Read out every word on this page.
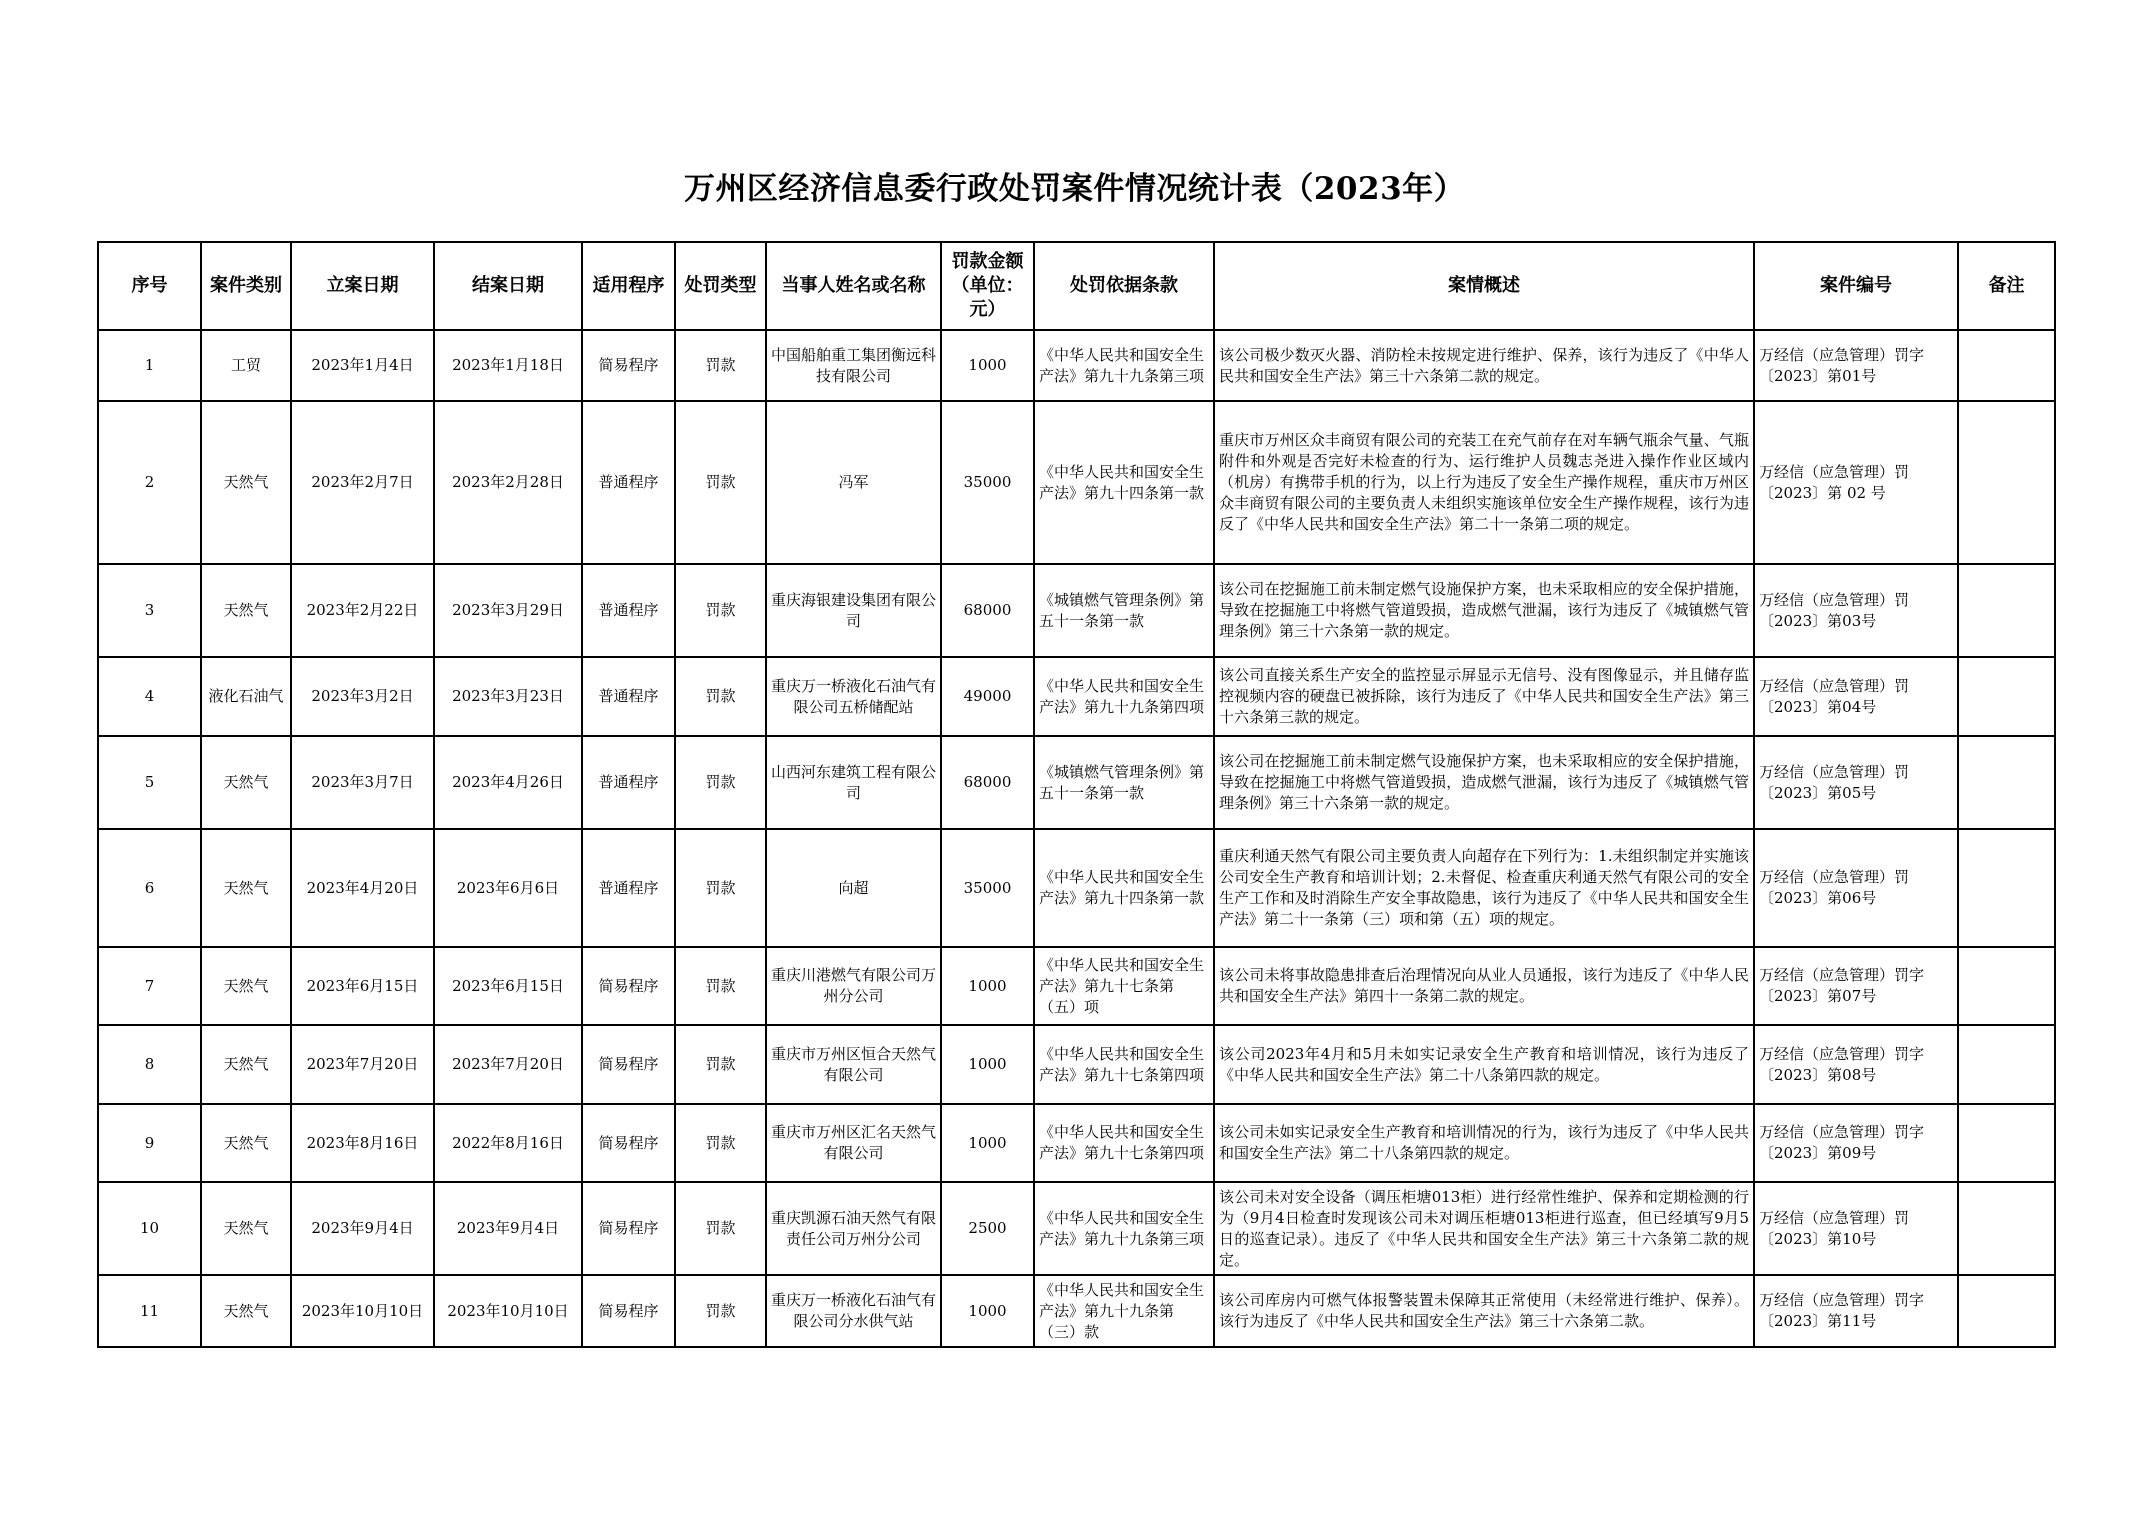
万州区经济信息委行政处罚案件情况统计表（2023年）
序号	案件类别	立案日期	结案日期	适用程序	处罚类型	当事人姓名或名称	罚款金额（单位：元）	处罚依据条款	案情概述	案件编号	备注
1	工贸	2023年1月4日	2023年1月18日	简易程序	罚款	中国船舶重工集团衡远科技有限公司	1000	《中华人民共和国安全生产法》第九十九条第三项	该公司极少数灭火器、消防栓未按规定进行维护、保养，该行为违反了《中华人民共和国安全生产法》第三十六条第二款的规定。	万经信（应急管理）罚字〔2023〕第01号	
2	天然气	2023年2月7日	2023年2月28日	普通程序	罚款	冯军	35000	《中华人民共和国安全生产法》第九十四条第一款	重庆市万州区众丰商贸有限公司的充装工在充气前存在对车辆气瓶余气量、气瓶附件和外观是否完好未检查的行为、运行维护人员魏志尧进入操作作业区域内（机房）有携带手机的行为，以上行为违反了安全生产操作规程，重庆市万州区众丰商贸有限公司的主要负责人未组织实施该单位安全生产操作规程，该行为违反了《中华人民共和国安全生产法》第二十一条第二项的规定。	万经信（应急管理）罚〔2023〕第 02 号	
3	天然气	2023年2月22日	2023年3月29日	普通程序	罚款	重庆海银建设集团有限公司	68000	《城镇燃气管理条例》第五十一条第一款	该公司在挖掘施工前未制定燃气设施保护方案，也未采取相应的安全保护措施，导致在挖掘施工中将燃气管道毁损，造成燃气泄漏，该行为违反了《城镇燃气管理条例》第三十六条第一款的规定。	万经信（应急管理）罚〔2023〕第03号	
4	液化石油气	2023年3月2日	2023年3月23日	普通程序	罚款	重庆万一桥液化石油气有限公司五桥储配站	49000	《中华人民共和国安全生产法》第九十九条第四项	该公司直接关系生产安全的监控显示屏显示无信号、没有图像显示，并且储存监控视频内容的硬盘已被拆除，该行为违反了《中华人民共和国安全生产法》第三十六条第三款的规定。	万经信（应急管理）罚〔2023〕第04号	
5	天然气	2023年3月7日	2023年4月26日	普通程序	罚款	山西河东建筑工程有限公司	68000	《城镇燃气管理条例》第五十一条第一款	该公司在挖掘施工前未制定燃气设施保护方案，也未采取相应的安全保护措施，导致在挖掘施工中将燃气管道毁损，造成燃气泄漏，该行为违反了《城镇燃气管理条例》第三十六条第一款的规定。	万经信（应急管理）罚〔2023〕第05号	
6	天然气	2023年4月20日	2023年6月6日	普通程序	罚款	向超	35000	《中华人民共和国安全生产法》第九十四条第一款	重庆利通天然气有限公司主要负责人向超存在下列行为：1.未组织制定并实施该公司安全生产教育和培训计划；2.未督促、检查重庆利通天然气有限公司的安全生产工作和及时消除生产安全事故隐患，该行为违反了《中华人民共和国安全生产法》第二十一条第（三）项和第（五）项的规定。	万经信（应急管理）罚〔2023〕第06号	
7	天然气	2023年6月15日	2023年6月15日	简易程序	罚款	重庆川港燃气有限公司万州分公司	1000	《中华人民共和国安全生产法》第九十七条第（五）项	该公司未将事故隐患排查后治理情况向从业人员通报，该行为违反了《中华人民共和国安全生产法》第四十一条第二款的规定。	万经信（应急管理）罚字〔2023〕第07号	
8	天然气	2023年7月20日	2023年7月20日	简易程序	罚款	重庆市万州区恒合天然气有限公司	1000	《中华人民共和国安全生产法》第九十七条第四项	该公司2023年4月和5月未如实记录安全生产教育和培训情况，该行为违反了《中华人民共和国安全生产法》第二十八条第四款的规定。	万经信（应急管理）罚字〔2023〕第08号	
9	天然气	2023年8月16日	2022年8月16日	简易程序	罚款	重庆市万州区汇名天然气有限公司	1000	《中华人民共和国安全生产法》第九十七条第四项	该公司未如实记录安全生产教育和培训情况的行为，该行为违反了《中华人民共和国安全生产法》第二十八条第四款的规定。	万经信（应急管理）罚字〔2023〕第09号	
10	天然气	2023年9月4日	2023年9月4日	简易程序	罚款	重庆凯源石油天然气有限责任公司万州分公司	2500	《中华人民共和国安全生产法》第九十九条第三项	该公司未对安全设备（调压柜塘013柜）进行经常性维护、保养和定期检测的行为（9月4日检查时发现该公司未对调压柜塘013柜进行巡查，但已经填写9月5日的巡查记录）。违反了《中华人民共和国安全生产法》第三十六条第二款的规定。	万经信（应急管理）罚〔2023〕第10号	
11	天然气	2023年10月10日	2023年10月10日	简易程序	罚款	重庆万一桥液化石油气有限公司分水供气站	1000	《中华人民共和国安全生产法》第九十九条第（三）款	该公司库房内可燃气体报警装置未保障其正常使用（未经常进行维护、保养）。该行为违反了《中华人民共和国安全生产法》第三十六条第二款。	万经信（应急管理）罚字〔2023〕第11号	
